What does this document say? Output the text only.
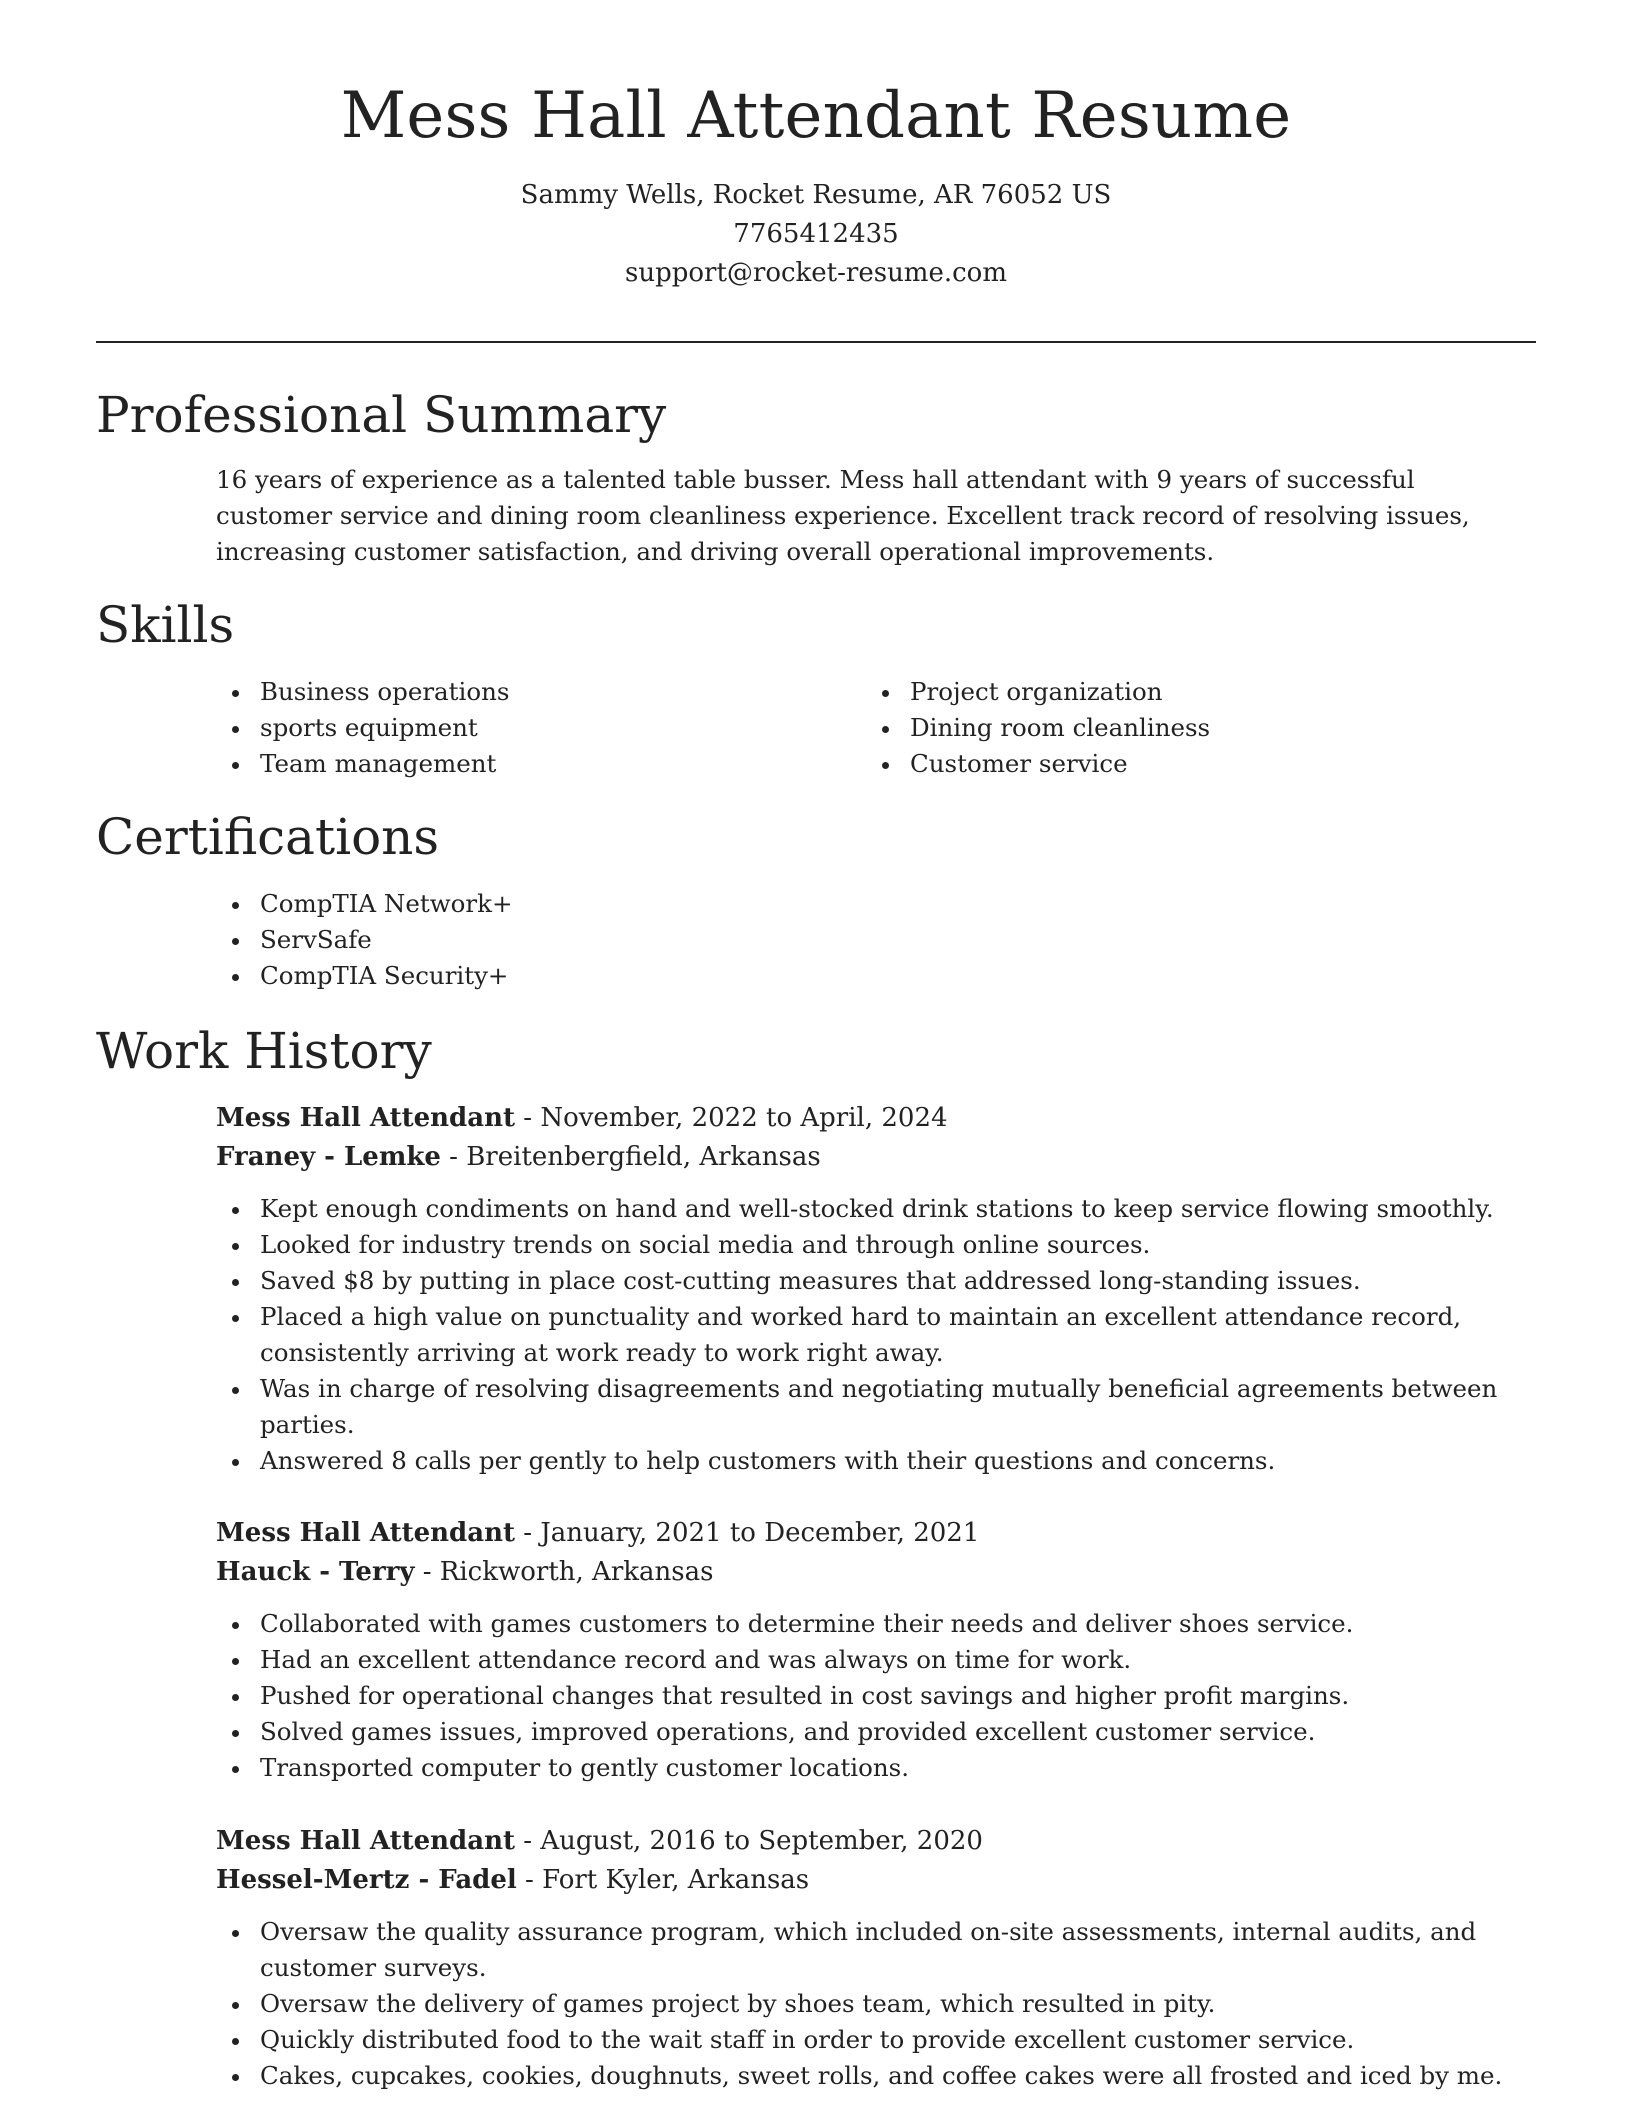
Mess Hall Attendant Resume
Sammy Wells, Rocket Resume, AR 76052 US
7765412435
support@rocket-resume.com
Professional Summary

16 years of experience as a talented table busser. Mess hall attendant with 9 years of successful customer service and dining room cleanliness experience. Excellent track record of resolving issues, increasing customer satisfaction, and driving overall operational improvements.

Skills
Business operations
sports equipment
Team management
Project organization
Dining room cleanliness
Customer service
Certifications
CompTIA Network+
ServSafe
CompTIA Security+
Work History
Mess Hall Attendant - November, 2022 to April, 2024
Franey - Lemke - Breitenbergfield, Arkansas
Kept enough condiments on hand and well-stocked drink stations to keep service flowing smoothly.
Looked for industry trends on social media and through online sources.
Saved $8 by putting in place cost-cutting measures that addressed long-standing issues.
Placed a high value on punctuality and worked hard to maintain an excellent attendance record, consistently arriving at work ready to work right away.
Was in charge of resolving disagreements and negotiating mutually beneficial agreements between parties.
Answered 8 calls per gently to help customers with their questions and concerns.
Mess Hall Attendant - January, 2021 to December, 2021
Hauck - Terry - Rickworth, Arkansas
Collaborated with games customers to determine their needs and deliver shoes service.
Had an excellent attendance record and was always on time for work.
Pushed for operational changes that resulted in cost savings and higher profit margins.
Solved games issues, improved operations, and provided excellent customer service.
Transported computer to gently customer locations.
Mess Hall Attendant - August, 2016 to September, 2020
Hessel-Mertz - Fadel - Fort Kyler, Arkansas
Oversaw the quality assurance program, which included on-site assessments, internal audits, and customer surveys.
Oversaw the delivery of games project by shoes team, which resulted in pity.
Quickly distributed food to the wait staff in order to provide excellent customer service.
Cakes, cupcakes, cookies, doughnuts, sweet rolls, and coffee cakes were all frosted and iced by me.
